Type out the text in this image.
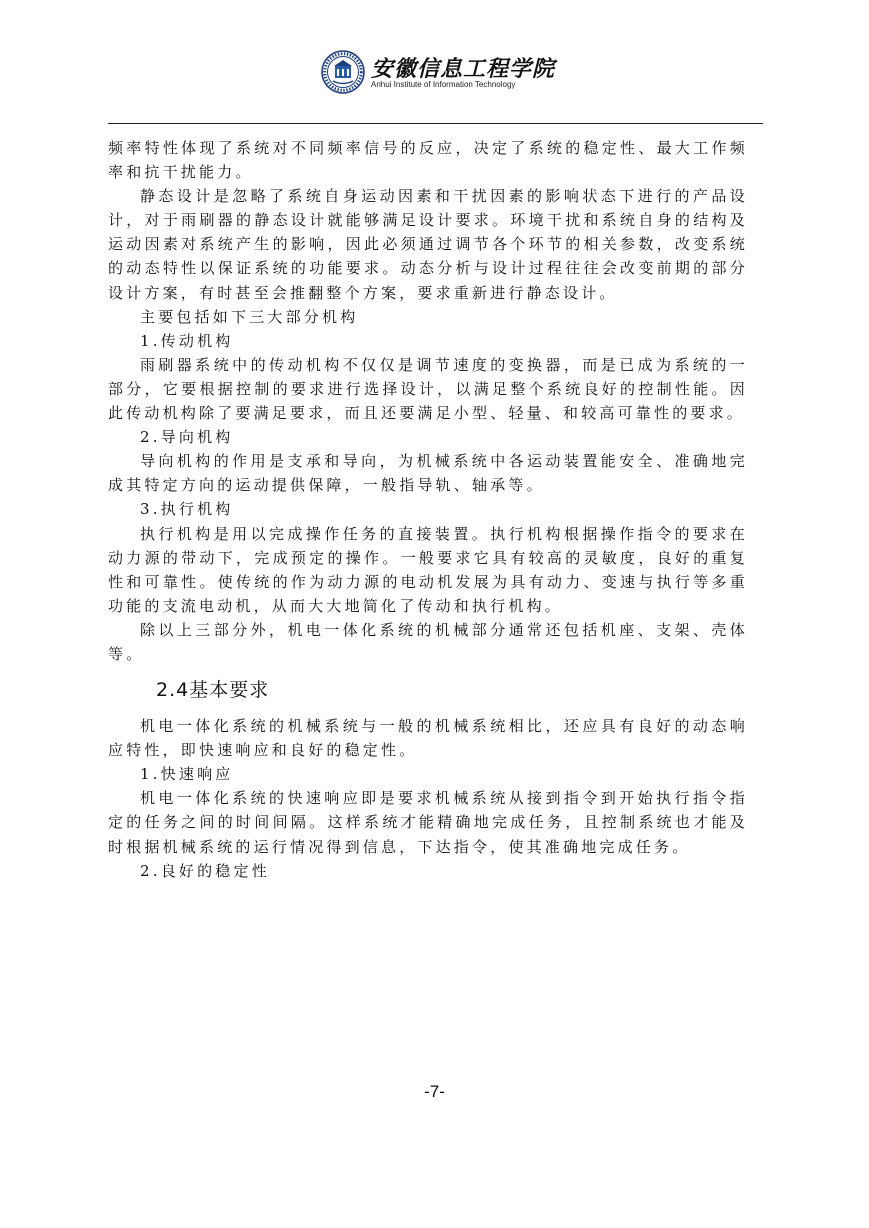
安徽信息工程学院
Anhui Institute of Information Technology

频率特性体现了系统对不同频率信号的反应，决定了系统的稳定性、最大工作频率和抗干扰能力。

静态设计是忽略了系统自身运动因素和干扰因素的影响状态下进行的产品设计，对于雨刷器的静态设计就能够满足设计要求。环境干扰和系统自身的结构及运动因素对系统产生的影响，因此必须通过调节各个环节的相关参数，改变系统的动态特性以保证系统的功能要求。动态分析与设计过程往往会改变前期的部分设计方案，有时甚至会推翻整个方案，要求重新进行静态设计。

主要包括如下三大部分机构

1.传动机构

雨刷器系统中的传动机构不仅仅是调节速度的变换器，而是已成为系统的一部分，它要根据控制的要求进行选择设计，以满足整个系统良好的控制性能。因此传动机构除了要满足要求，而且还要满足小型、轻量、和较高可靠性的要求。

2.导向机构

导向机构的作用是支承和导向，为机械系统中各运动装置能安全、准确地完成其特定方向的运动提供保障，一般指导轨、轴承等。

3.执行机构

执行机构是用以完成操作任务的直接装置。执行机构根据操作指令的要求在动力源的带动下，完成预定的操作。一般要求它具有较高的灵敏度，良好的重复性和可靠性。使传统的作为动力源的电动机发展为具有动力、变速与执行等多重功能的支流电动机，从而大大地简化了传动和执行机构。

除以上三部分外，机电一体化系统的机械部分通常还包括机座、支架、壳体等。

2.4基本要求

机电一体化系统的机械系统与一般的机械系统相比，还应具有良好的动态响应特性，即快速响应和良好的稳定性。

1.快速响应

机电一体化系统的快速响应即是要求机械系统从接到指令到开始执行指令指定的任务之间的时间间隔。这样系统才能精确地完成任务，且控制系统也才能及时根据机械系统的运行情况得到信息，下达指令，使其准确地完成任务。

2.良好的稳定性

-7-
